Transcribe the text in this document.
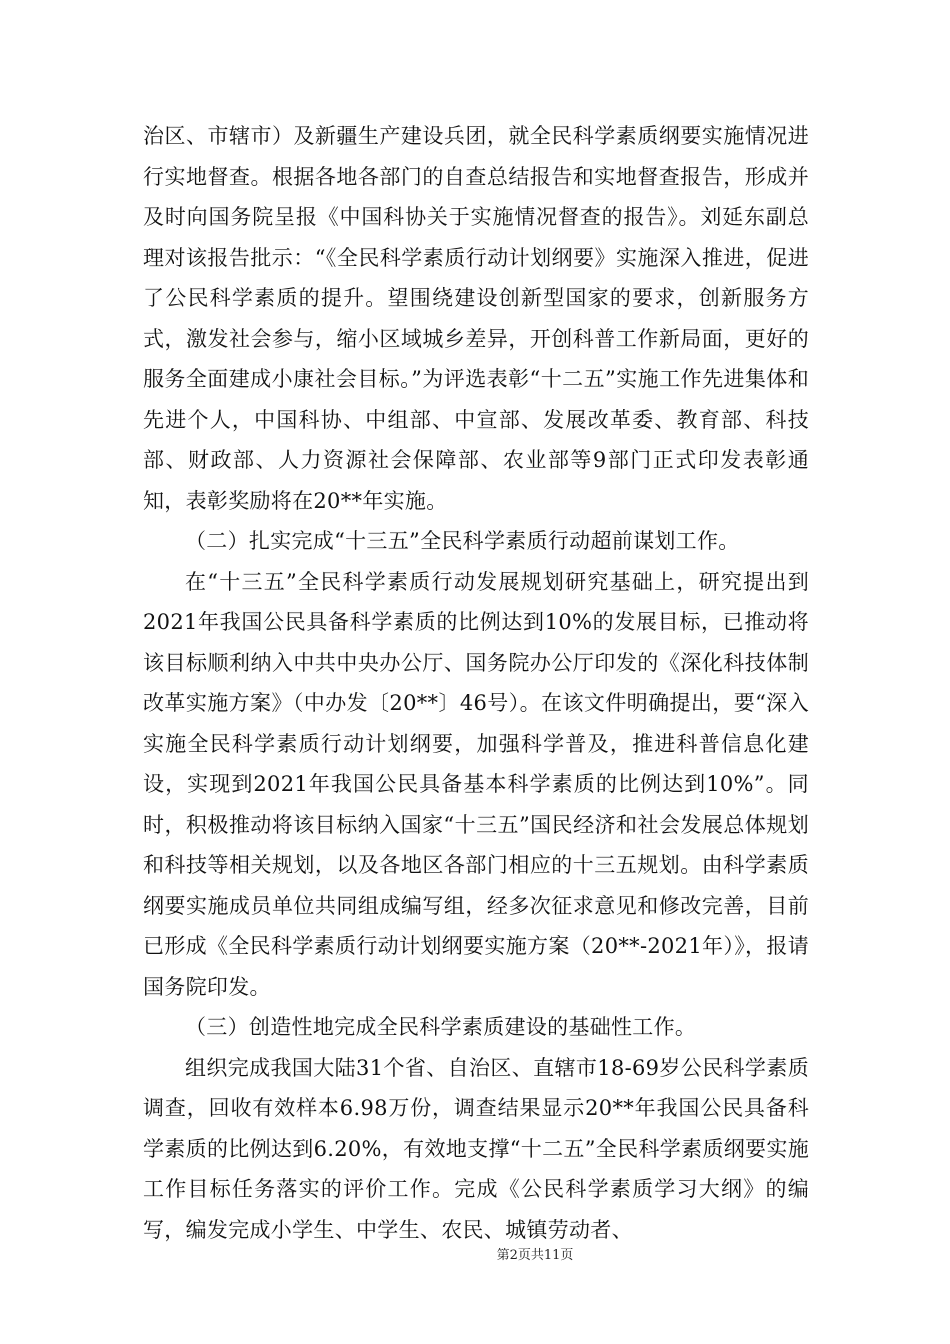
治区、市辖市）及新疆生产建设兵团，就全民科学素质纲要实施情况进行实地督查。根据各地各部门的自查总结报告和实地督查报告，形成并及时向国务院呈报《中国科协关于实施情况督查的报告》。刘延东副总理对该报告批示：“《全民科学素质行动计划纲要》实施深入推进，促进了公民科学素质的提升。望围绕建设创新型国家的要求，创新服务方式，激发社会参与，缩小区域城乡差异，开创科普工作新局面，更好的服务全面建成小康社会目标。”为评选表彰“十二五”实施工作先进集体和先进个人，中国科协、中组部、中宣部、发展改革委、教育部、科技部、财政部、人力资源社会保障部、农业部等9部门正式印发表彰通知，表彰奖励将在20**年实施。

（二）扎实完成“十三五”全民科学素质行动超前谋划工作。

在“十三五”全民科学素质行动发展规划研究基础上，研究提出到2021年我国公民具备科学素质的比例达到10%的发展目标，已推动将该目标顺利纳入中共中央办公厅、国务院办公厅印发的《深化科技体制改革实施方案》（中办发〔20**〕46号）。在该文件明确提出，要“深入实施全民科学素质行动计划纲要，加强科学普及，推进科普信息化建设，实现到2021年我国公民具备基本科学素质的比例达到10%”。同时，积极推动将该目标纳入国家“十三五”国民经济和社会发展总体规划和科技等相关规划，以及各地区各部门相应的十三五规划。由科学素质纲要实施成员单位共同组成编写组，经多次征求意见和修改完善，目前已形成《全民科学素质行动计划纲要实施方案（20**-2021年）》，报请国务院印发。

（三）创造性地完成全民科学素质建设的基础性工作。

组织完成我国大陆31个省、自治区、直辖市18-69岁公民科学素质调查，回收有效样本6.98万份，调查结果显示20**年我国公民具备科学素质的比例达到6.20%，有效地支撑“十二五”全民科学素质纲要实施工作目标任务落实的评价工作。完成《公民科学素质学习大纲》的编写，编发完成小学生、中学生、农民、城镇劳动者、

第2页共11页
